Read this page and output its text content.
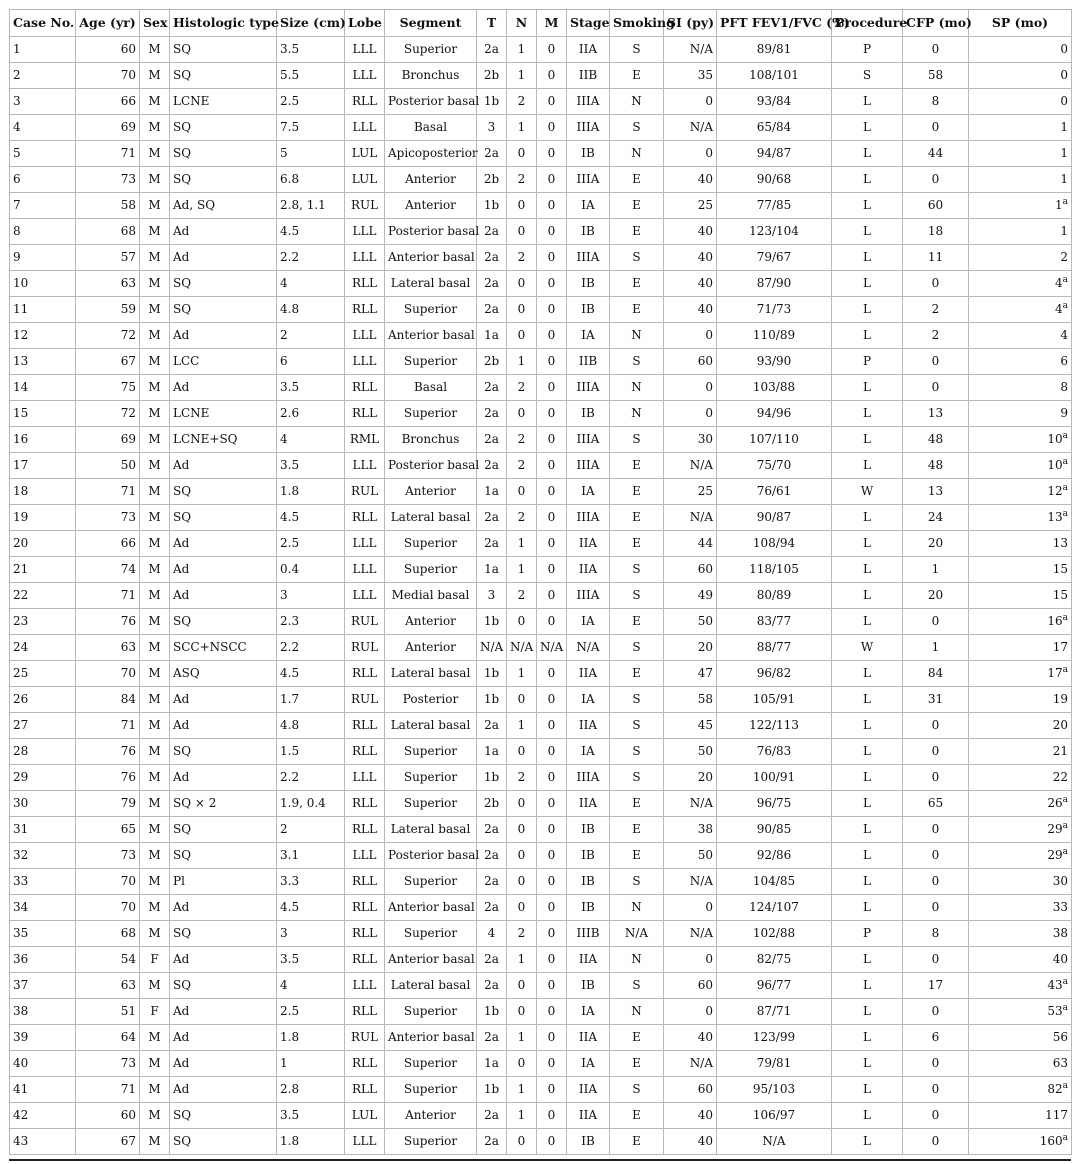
Case No.	Age (yr)	Sex	Histologic type	Size (cm)	Lobe	Segment	T	N	M	Stage	Smoking	SI (py)	PFT FEV1/FVC (%)	Procedure	CFP (mo)	SP (mo)
1	60	M	SQ	3.5	LLL	Superior	2a	1	0	IIA	S	N/A	89/81	P	0	0
2	70	M	SQ	5.5	LLL	Bronchus	2b	1	0	IIB	E	35	108/101	S	58	0
3	66	M	LCNE	2.5	RLL	Posterior basal	1b	2	0	IIIA	N	0	93/84	L	8	0
4	69	M	SQ	7.5	LLL	Basal	3	1	0	IIIA	S	N/A	65/84	L	0	1
5	71	M	SQ	5	LUL	Apicoposterior	2a	0	0	IB	N	0	94/87	L	44	1
6	73	M	SQ	6.8	LUL	Anterior	2b	2	0	IIIA	E	40	90/68	L	0	1
7	58	M	Ad, SQ	2.8, 1.1	RUL	Anterior	1b	0	0	IA	E	25	77/85	L	60	1$^a$
8	68	M	Ad	4.5	LLL	Posterior basal	2a	0	0	IB	E	40	123/104	L	18	1
9	57	M	Ad	2.2	LLL	Anterior basal	2a	2	0	IIIA	S	40	79/67	L	11	2
10	63	M	SQ	4	RLL	Lateral basal	2a	0	0	IB	E	40	87/90	L	0	4$^a$
11	59	M	SQ	4.8	RLL	Superior	2a	0	0	IB	E	40	71/73	L	2	4$^a$
12	72	M	Ad	2	LLL	Anterior basal	1a	0	0	IA	N	0	110/89	L	2	4
13	67	M	LCC	6	LLL	Superior	2b	1	0	IIB	S	60	93/90	P	0	6
14	75	M	Ad	3.5	RLL	Basal	2a	2	0	IIIA	N	0	103/88	L	0	8
15	72	M	LCNE	2.6	RLL	Superior	2a	0	0	IB	N	0	94/96	L	13	9
16	69	M	LCNE+SQ	4	RML	Bronchus	2a	2	0	IIIA	S	30	107/110	L	48	10$^a$
17	50	M	Ad	3.5	LLL	Posterior basal	2a	2	0	IIIA	E	N/A	75/70	L	48	10$^a$
18	71	M	SQ	1.8	RUL	Anterior	1a	0	0	IA	E	25	76/61	W	13	12$^a$
19	73	M	SQ	4.5	RLL	Lateral basal	2a	2	0	IIIA	E	N/A	90/87	L	24	13$^a$
20	66	M	Ad	2.5	LLL	Superior	2a	1	0	IIA	E	44	108/94	L	20	13
21	74	M	Ad	0.4	LLL	Superior	1a	1	0	IIA	S	60	118/105	L	1	15
22	71	M	Ad	3	LLL	Medial basal	3	2	0	IIIA	S	49	80/89	L	20	15
23	76	M	SQ	2.3	RUL	Anterior	1b	0	0	IA	E	50	83/77	L	0	16$^a$
24	63	M	SCC+NSCC	2.2	RUL	Anterior	N/A	N/A	N/A	N/A	S	20	88/77	W	1	17
25	70	M	ASQ	4.5	RLL	Lateral basal	1b	1	0	IIA	E	47	96/82	L	84	17$^a$
26	84	M	Ad	1.7	RUL	Posterior	1b	0	0	IA	S	58	105/91	L	31	19
27	71	M	Ad	4.8	RLL	Lateral basal	2a	1	0	IIA	S	45	122/113	L	0	20
28	76	M	SQ	1.5	RLL	Superior	1a	0	0	IA	S	50	76/83	L	0	21
29	76	M	Ad	2.2	LLL	Superior	1b	2	0	IIIA	S	20	100/91	L	0	22
30	79	M	SQ × 2	1.9, 0.4	RLL	Superior	2b	0	0	IIA	E	N/A	96/75	L	65	26$^a$
31	65	M	SQ	2	RLL	Lateral basal	2a	0	0	IB	E	38	90/85	L	0	29$^a$
32	73	M	SQ	3.1	LLL	Posterior basal	2a	0	0	IB	E	50	92/86	L	0	29$^a$
33	70	M	Pl	3.3	RLL	Superior	2a	0	0	IB	S	N/A	104/85	L	0	30
34	70	M	Ad	4.5	RLL	Anterior basal	2a	0	0	IB	N	0	124/107	L	0	33
35	68	M	SQ	3	RLL	Superior	4	2	0	IIIB	N/A	N/A	102/88	P	8	38
36	54	F	Ad	3.5	RLL	Anterior basal	2a	1	0	IIA	N	0	82/75	L	0	40
37	63	M	SQ	4	LLL	Lateral basal	2a	0	0	IB	S	60	96/77	L	17	43$^a$
38	51	F	Ad	2.5	RLL	Superior	1b	0	0	IA	N	0	87/71	L	0	53$^a$
39	64	M	Ad	1.8	RUL	Anterior basal	2a	1	0	IIA	E	40	123/99	L	6	56
40	73	M	Ad	1	RLL	Superior	1a	0	0	IA	E	N/A	79/81	L	0	63
41	71	M	Ad	2.8	RLL	Superior	1b	1	0	IIA	S	60	95/103	L	0	82$^a$
42	60	M	SQ	3.5	LUL	Anterior	2a	1	0	IIA	E	40	106/97	L	0	117
43	67	M	SQ	1.8	LLL	Superior	2a	0	0	IB	E	40	N/A	L	0	160$^a$
